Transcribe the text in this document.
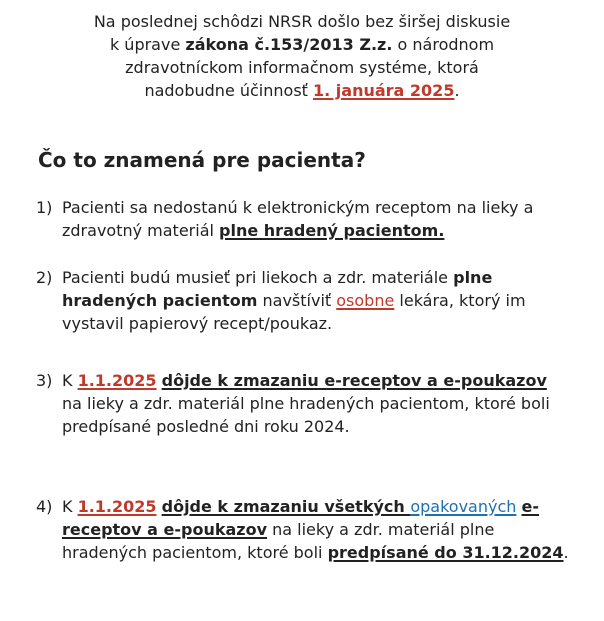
Na poslednej schôdzi NRSR došlo bez širšej diskusie
k úprave zákona č.153/2013 Z.z. o národnom
zdravotníckom informačnom systéme, ktorá
nadobudne účinnosť 1. januára 2025.
Čo to znamená pre pacienta?
1) Pacienti sa nedostanú k elektronickým receptom na lieky a zdravotný materiál plne hradený pacientom.
2) Pacienti budú musieť pri liekoch a zdr. materiále plne hradených pacientom navštíviť osobne lekára, ktorý im vystavil papierový recept/poukaz.
3) K 1.1.2025 dôjde k zmazaniu e-receptov a e-poukazov na lieky a zdr. materiál plne hradených pacientom, ktoré boli predpísané posledné dni roku 2024.
4) K 1.1.2025 dôjde k zmazaniu všetkých opakovaných e-receptov a e-poukazov na lieky a zdr. materiál plne hradených pacientom, ktoré boli predpísané do 31.12.2024.
